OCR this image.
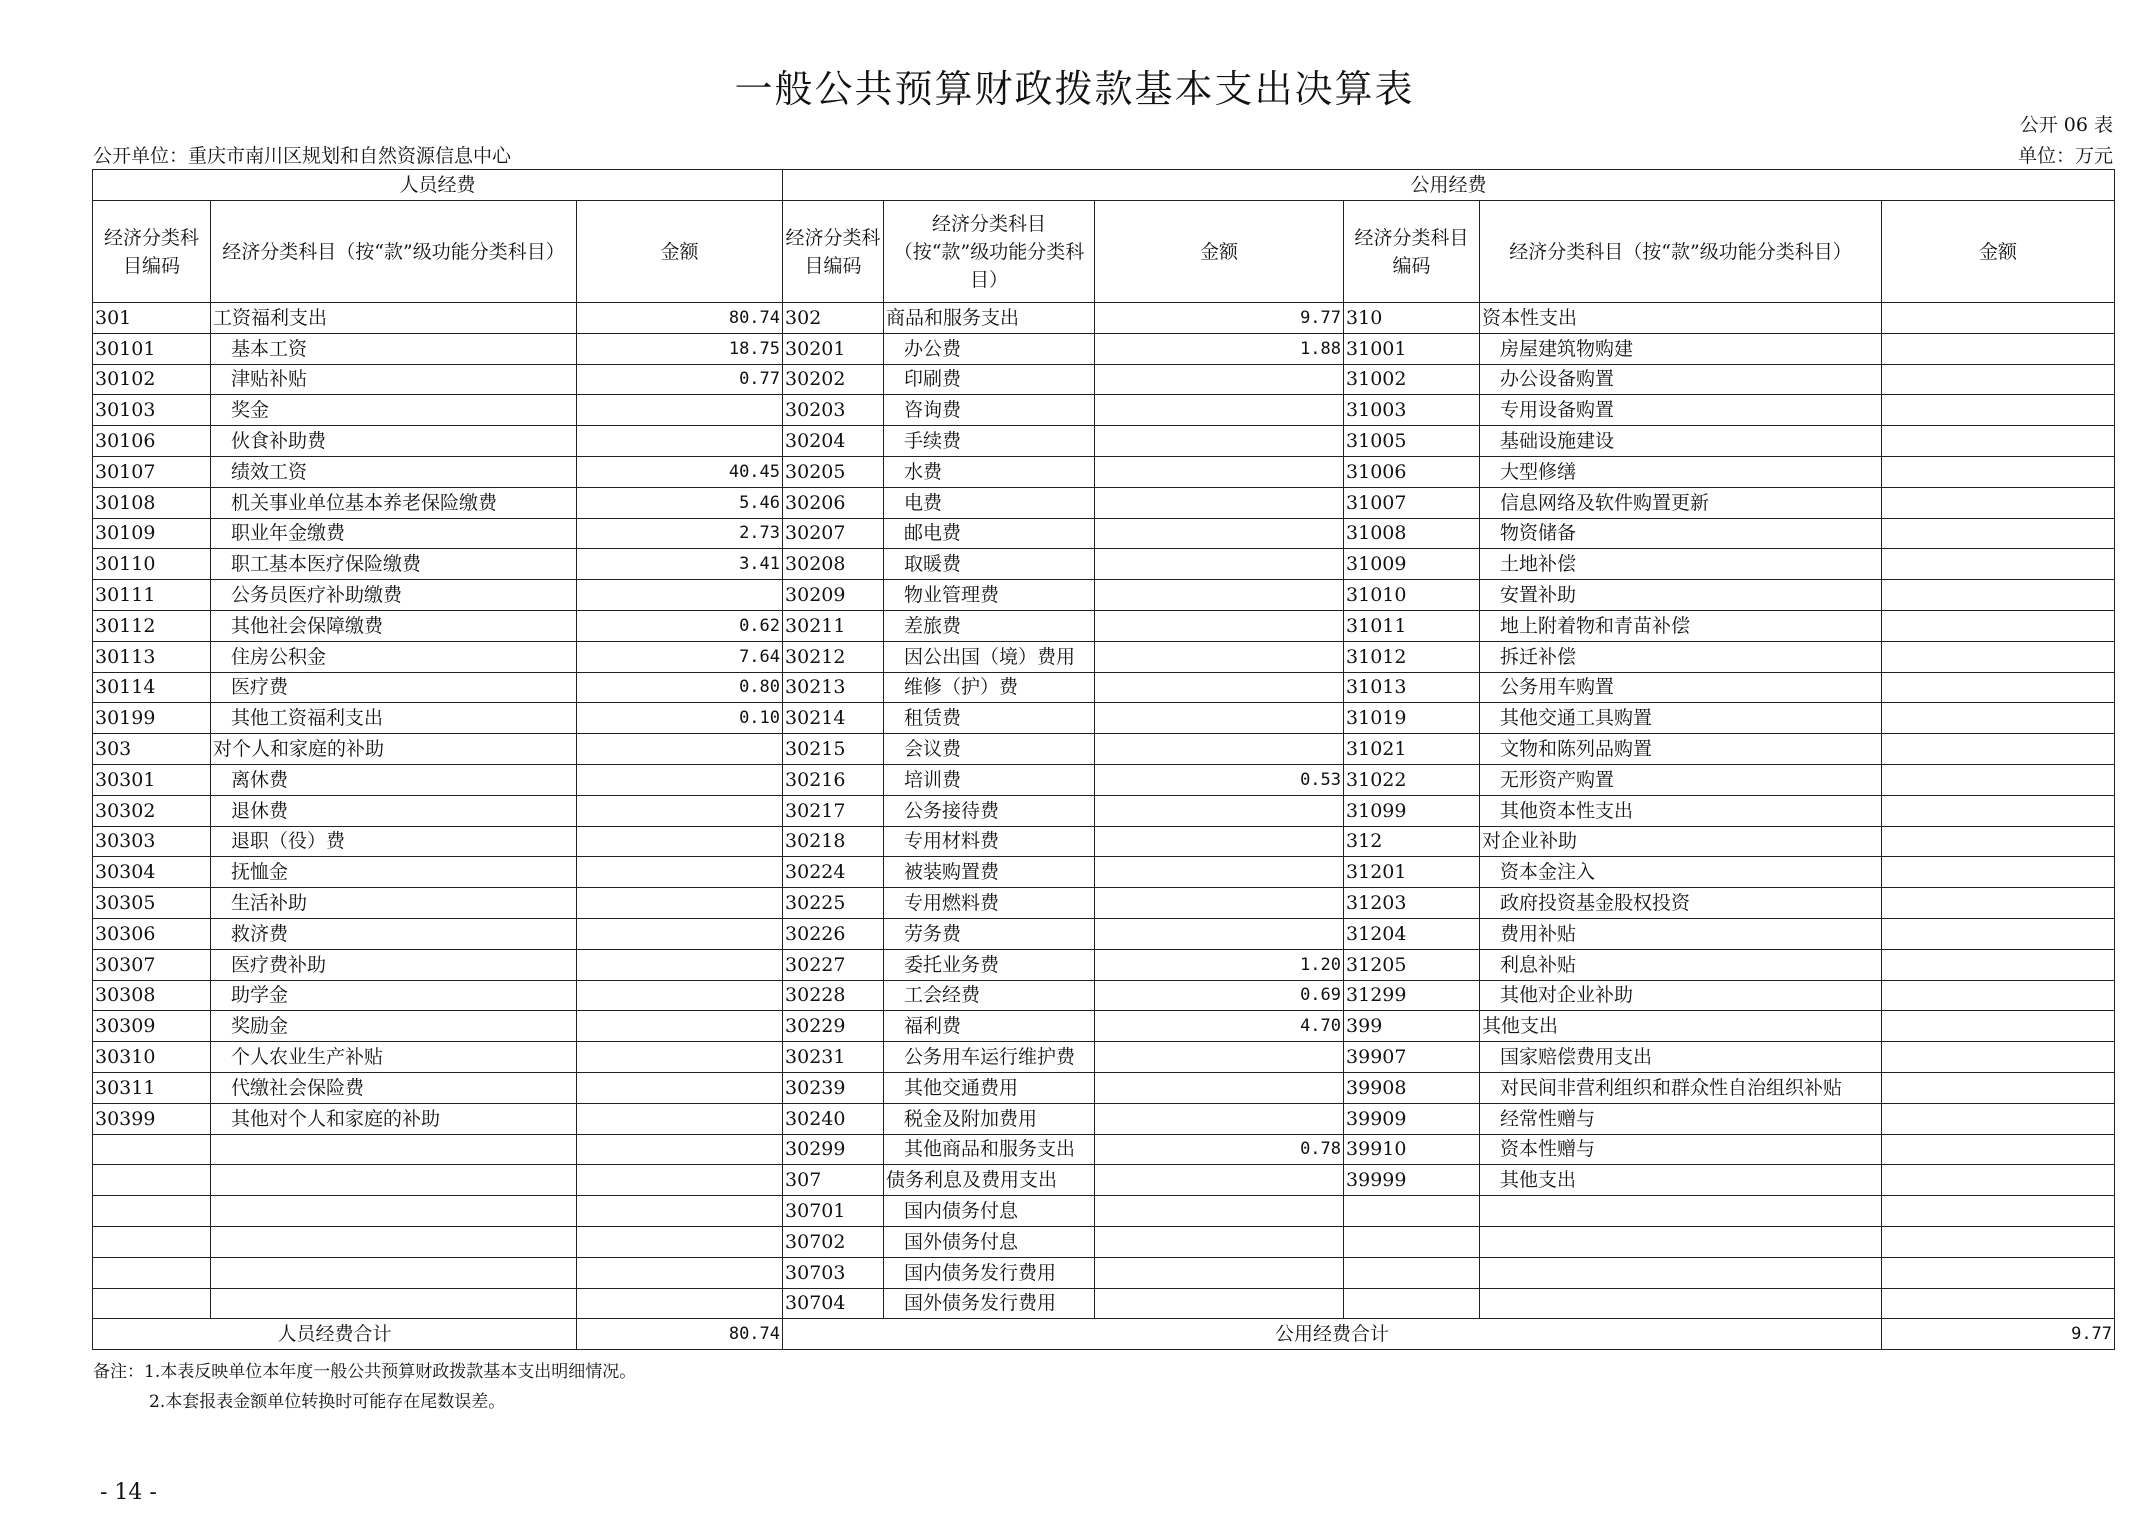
一般公共预算财政拨款基本支出决算表
公开 06 表
公开单位：重庆市南川区规划和自然资源信息中心	单位：万元
人员经费			公用经费					
经济分类科目编码	经济分类科目（按“款”级功能分类科目）	金额	经济分类科目编码	经济分类科目（按“款”级功能分类科目）	金额	经济分类科目编码	经济分类科目（按“款”级功能分类科目）	金额
301	工资福利支出	80.74	302	商品和服务支出	9.77	310	资本性支出	
30101	基本工资	18.75	30201	办公费	1.88	31001	房屋建筑物购建	
30102	津贴补贴	0.77	30202	印刷费		31002	办公设备购置	
30103	奖金		30203	咨询费		31003	专用设备购置	
30106	伙食补助费		30204	手续费		31005	基础设施建设	
30107	绩效工资	40.45	30205	水费		31006	大型修缮	
30108	机关事业单位基本养老保险缴费	5.46	30206	电费		31007	信息网络及软件购置更新	
30109	职业年金缴费	2.73	30207	邮电费		31008	物资储备	
30110	职工基本医疗保险缴费	3.41	30208	取暖费		31009	土地补偿	
30111	公务员医疗补助缴费		30209	物业管理费		31010	安置补助	
30112	其他社会保障缴费	0.62	30211	差旅费		31011	地上附着物和青苗补偿	
30113	住房公积金	7.64	30212	因公出国（境）费用		31012	拆迁补偿	
30114	医疗费	0.80	30213	维修（护）费		31013	公务用车购置	
30199	其他工资福利支出	0.10	30214	租赁费		31019	其他交通工具购置	
303	对个人和家庭的补助		30215	会议费		31021	文物和陈列品购置	
30301	离休费		30216	培训费	0.53	31022	无形资产购置	
30302	退休费		30217	公务接待费		31099	其他资本性支出	
30303	退职（役）费		30218	专用材料费		312	对企业补助	
30304	抚恤金		30224	被装购置费		31201	资本金注入	
30305	生活补助		30225	专用燃料费		31203	政府投资基金股权投资	
30306	救济费		30226	劳务费		31204	费用补贴	
30307	医疗费补助		30227	委托业务费	1.20	31205	利息补贴	
30308	助学金		30228	工会经费	0.69	31299	其他对企业补助	
30309	奖励金		30229	福利费	4.70	399	其他支出	
30310	个人农业生产补贴		30231	公务用车运行维护费		39907	国家赔偿费用支出	
30311	代缴社会保险费		30239	其他交通费用		39908	对民间非营利组织和群众性自治组织补贴	
30399	其他对个人和家庭的补助		30240	税金及附加费用		39909	经常性赠与	
			30299	其他商品和服务支出	0.78	39910	资本性赠与	
			307	债务利息及费用支出		39999	其他支出	
			30701	国内债务付息				
			30702	国外债务付息				
			30703	国内债务发行费用				
			30704	国外债务发行费用				
人员经费合计		80.74	公用经费合计					9.77
备注：1.本表反映单位本年度一般公共预算财政拨款基本支出明细情况。
2.本套报表金额单位转换时可能存在尾数误差。
- 14 -
